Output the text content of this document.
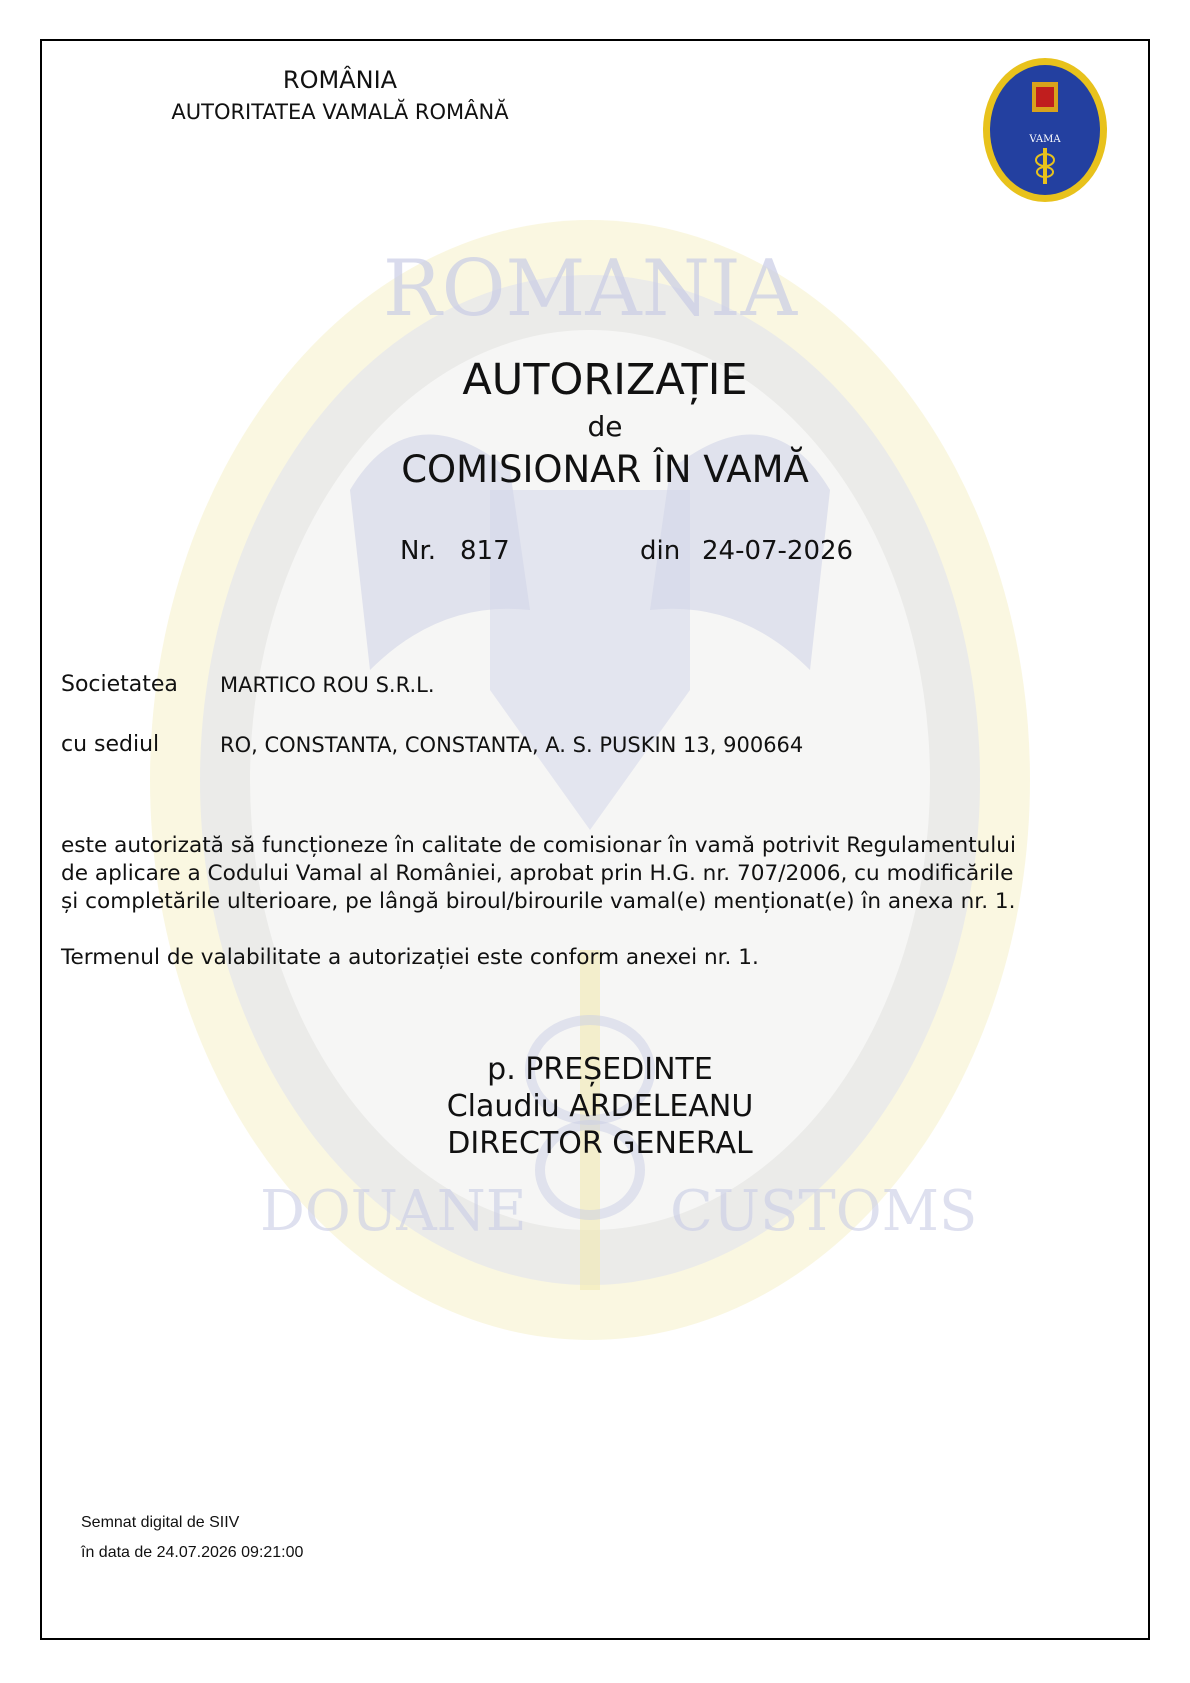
ROMANIA
DOUANE	CUSTOMS
ROMÂNIA
AUTORITATEA VAMALĂ ROMÂNĂ
VAMA
AUTORIZAȚIE
de
COMISIONAR ÎN VAMĂ
Nr. 817	din 24-07-2026
Societatea MARTICO ROU S.R.L.
cu sediul	RO, CONSTANTA, CONSTANTA, A. S. PUSKIN 13, 900664
este autorizată să funcționeze în calitate de comisionar în vamă potrivit Regulamentului
de aplicare a Codului Vamal al României, aprobat prin H.G. nr. 707/2006, cu modificările
și completările ulterioare, pe lângă biroul/birourile vamal(e) menționat(e) în anexa nr. 1.
Termenul de valabilitate a autorizației este conform anexei nr. 1.
p. PREȘEDINTE
Claudiu ARDELEANU
DIRECTOR GENERAL
Semnat digital de SIIV
în data de 24.07.2026 09:21:00
